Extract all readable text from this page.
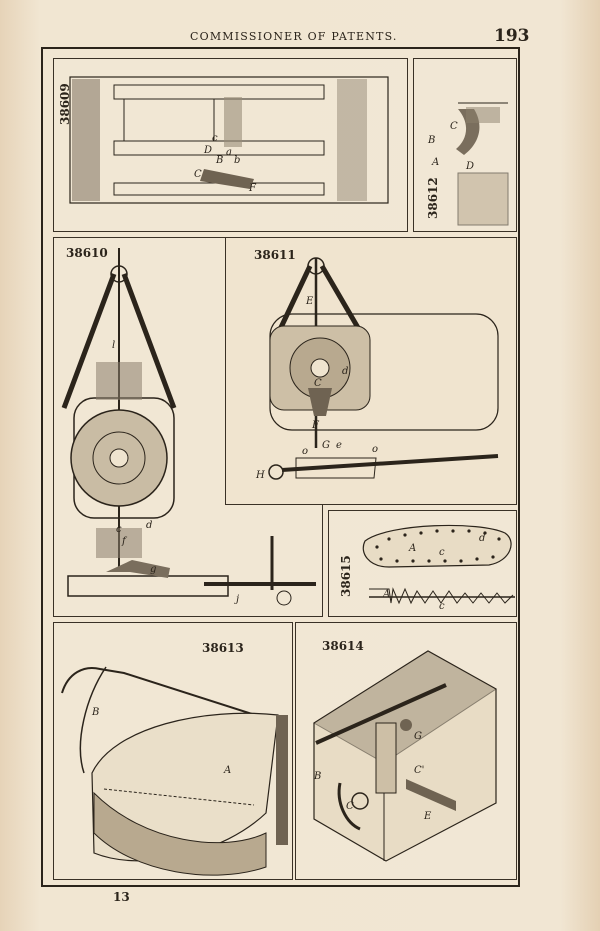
COMMISSIONER OF PATENTS.	193
38609
C
D
c
B
F
a
b
38612
A
B
C
D
38610
l
c d
f
g
j
38611
E
C
d
F
G e
o	o
H
38615
A c
d
A
c
38613
B
A
38614
B
C
G
C'
E
13
